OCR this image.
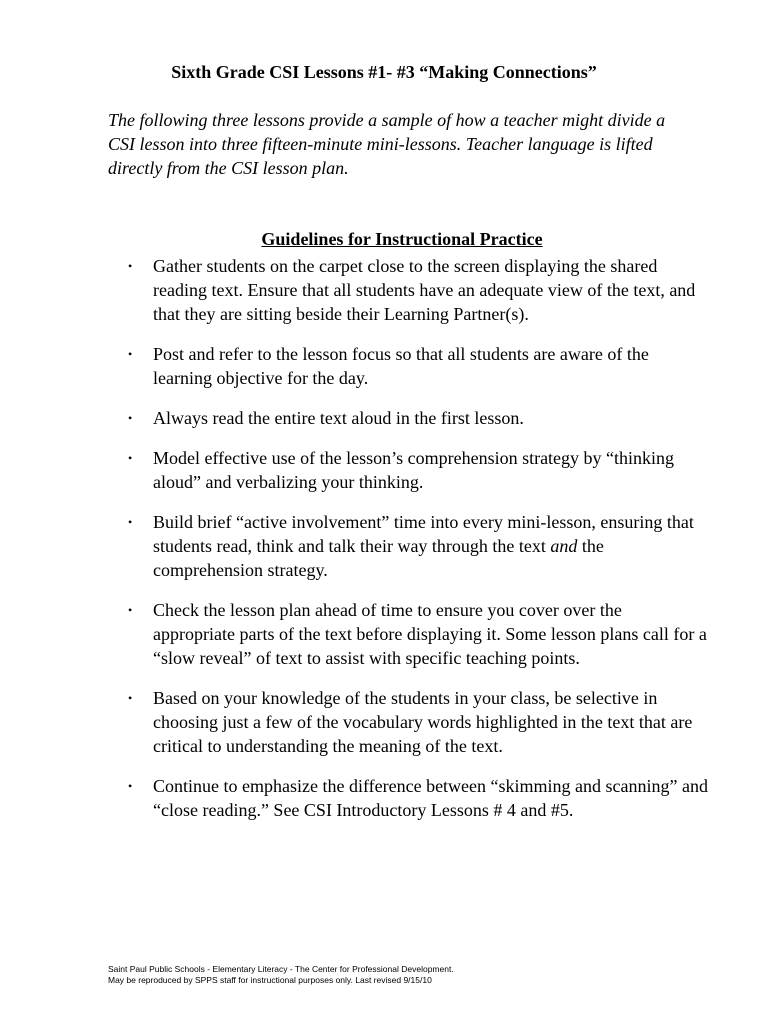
Sixth Grade CSI Lessons #1- #3 “Making Connections”
The following three lessons provide a sample of how a teacher might divide a CSI lesson into three fifteen-minute mini-lessons. Teacher language is lifted directly from the CSI lesson plan.
Guidelines for Instructional Practice
• Gather students on the carpet close to the screen displaying the shared reading text. Ensure that all students have an adequate view of the text, and that they are sitting beside their Learning Partner(s).
• Post and refer to the lesson focus so that all students are aware of the learning objective for the day.
• Always read the entire text aloud in the first lesson.
• Model effective use of the lesson’s comprehension strategy by “thinking aloud” and verbalizing your thinking.
• Build brief “active involvement” time into every mini-lesson, ensuring that students read, think and talk their way through the text and the comprehension strategy.
• Check the lesson plan ahead of time to ensure you cover over the appropriate parts of the text before displaying it. Some lesson plans call for a “slow reveal” of text to assist with specific teaching points.
• Based on your knowledge of the students in your class, be selective in choosing just a few of the vocabulary words highlighted in the text that are critical to understanding the meaning of the text.
• Continue to emphasize the difference between “skimming and scanning” and “close reading.” See CSI Introductory Lessons # 4 and #5.
Saint Paul Public Schools - Elementary Literacy - The Center for Professional Development.
May be reproduced by SPPS staff for instructional purposes only. Last revised 9/15/10
